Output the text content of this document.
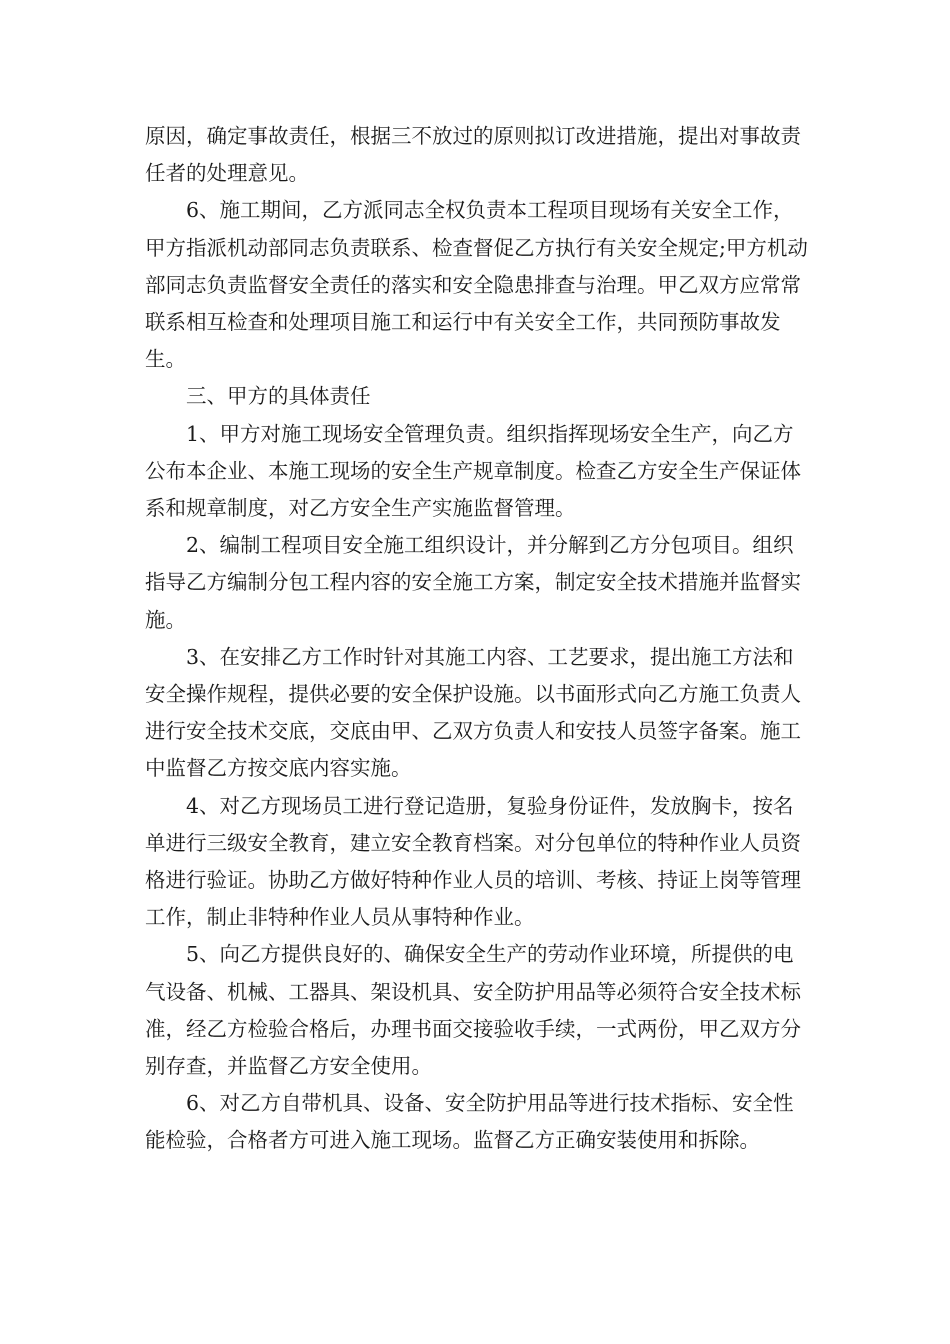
原因，确定事故责任，根据三不放过的原则拟订改进措施，提出对事故责任者的处理意见。

6、施工期间，乙方派同志全权负责本工程项目现场有关安全工作，甲方指派机动部同志负责联系、检查督促乙方执行有关安全规定;甲方机动部同志负责监督安全责任的落实和安全隐患排查与治理。甲乙双方应常常联系相互检查和处理项目施工和运行中有关安全工作，共同预防事故发生。

三、甲方的具体责任

1、甲方对施工现场安全管理负责。组织指挥现场安全生产，向乙方公布本企业、本施工现场的安全生产规章制度。检查乙方安全生产保证体系和规章制度，对乙方安全生产实施监督管理。

2、编制工程项目安全施工组织设计，并分解到乙方分包项目。组织指导乙方编制分包工程内容的安全施工方案，制定安全技术措施并监督实施。

3、在安排乙方工作时针对其施工内容、工艺要求，提出施工方法和安全操作规程，提供必要的安全保护设施。以书面形式向乙方施工负责人进行安全技术交底，交底由甲、乙双方负责人和安技人员签字备案。施工中监督乙方按交底内容实施。

4、对乙方现场员工进行登记造册，复验身份证件，发放胸卡，按名单进行三级安全教育，建立安全教育档案。对分包单位的特种作业人员资格进行验证。协助乙方做好特种作业人员的培训、考核、持证上岗等管理工作，制止非特种作业人员从事特种作业。

5、向乙方提供良好的、确保安全生产的劳动作业环境，所提供的电气设备、机械、工器具、架设机具、安全防护用品等必须符合安全技术标准，经乙方检验合格后，办理书面交接验收手续，一式两份，甲乙双方分别存查，并监督乙方安全使用。

6、对乙方自带机具、设备、安全防护用品等进行技术指标、安全性能检验，合格者方可进入施工现场。监督乙方正确安装使用和拆除。
